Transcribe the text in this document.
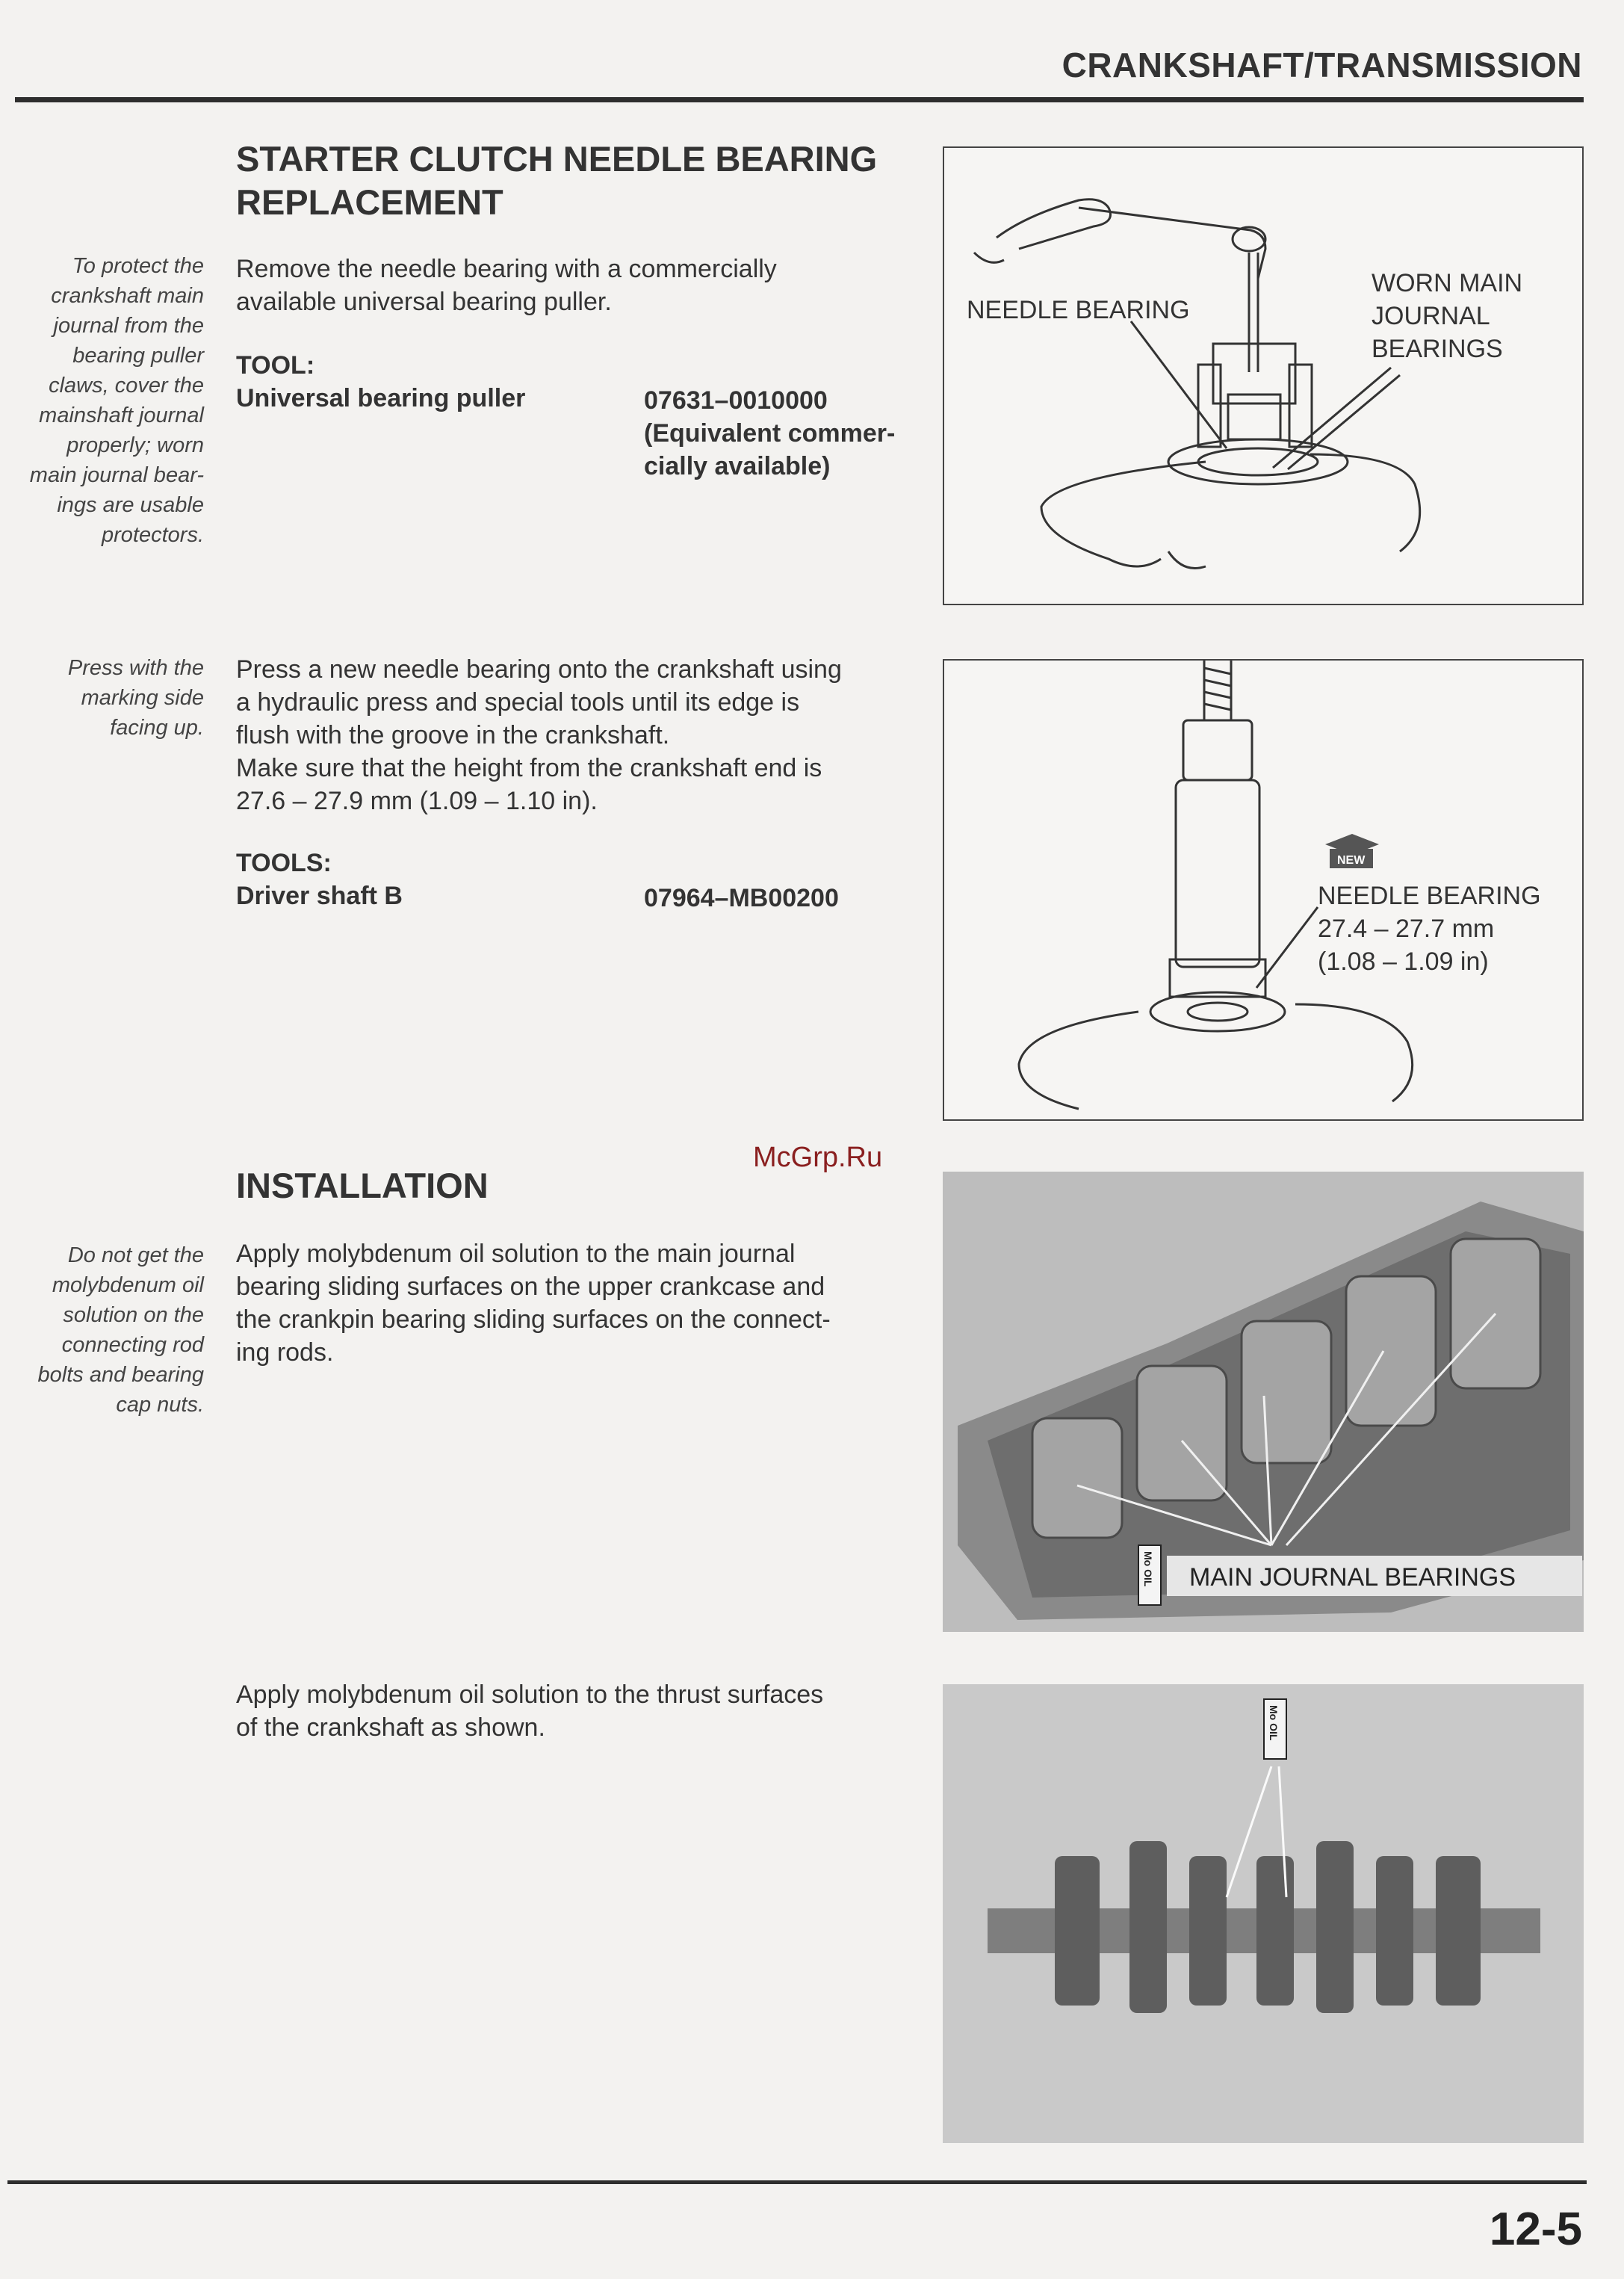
CRANKSHAFT/TRANSMISSION
STARTER CLUTCH NEEDLE BEARING
REPLACEMENT
To protect the
crankshaft main
journal from the
bearing puller
claws, cover the
mainshaft journal
properly; worn
main journal bear-
ings are usable
protectors.
Remove the needle bearing with a commercially
available universal bearing puller.
TOOL:
Universal bearing puller	07631–0010000
(Equivalent commer-
cially available)
NEEDLE BEARING
WORN MAIN
JOURNAL
BEARINGS
Press with the
marking side
facing up.
Press a new needle bearing onto the crankshaft using
a hydraulic press and special tools until its edge is
flush with the groove in the crankshaft.
Make sure that the height from the crankshaft end is
27.6 – 27.9 mm (1.09 – 1.10 in).
TOOLS:
Driver shaft B	07964–MB00200
NEW
NEEDLE BEARING
27.4 – 27.7 mm
(1.08 – 1.09 in)
McGrp.Ru
INSTALLATION
Do not get the
molybdenum oil
solution on the
connecting rod
bolts and bearing
cap nuts.
Apply molybdenum oil solution to the main journal
bearing sliding surfaces on the upper crankcase and
the crankpin bearing sliding surfaces on the connect-
ing rods.
Mo OIL MAIN JOURNAL BEARINGS
Apply molybdenum oil solution to the thrust surfaces
of the crankshaft as shown.	Mo OIL
12-5
